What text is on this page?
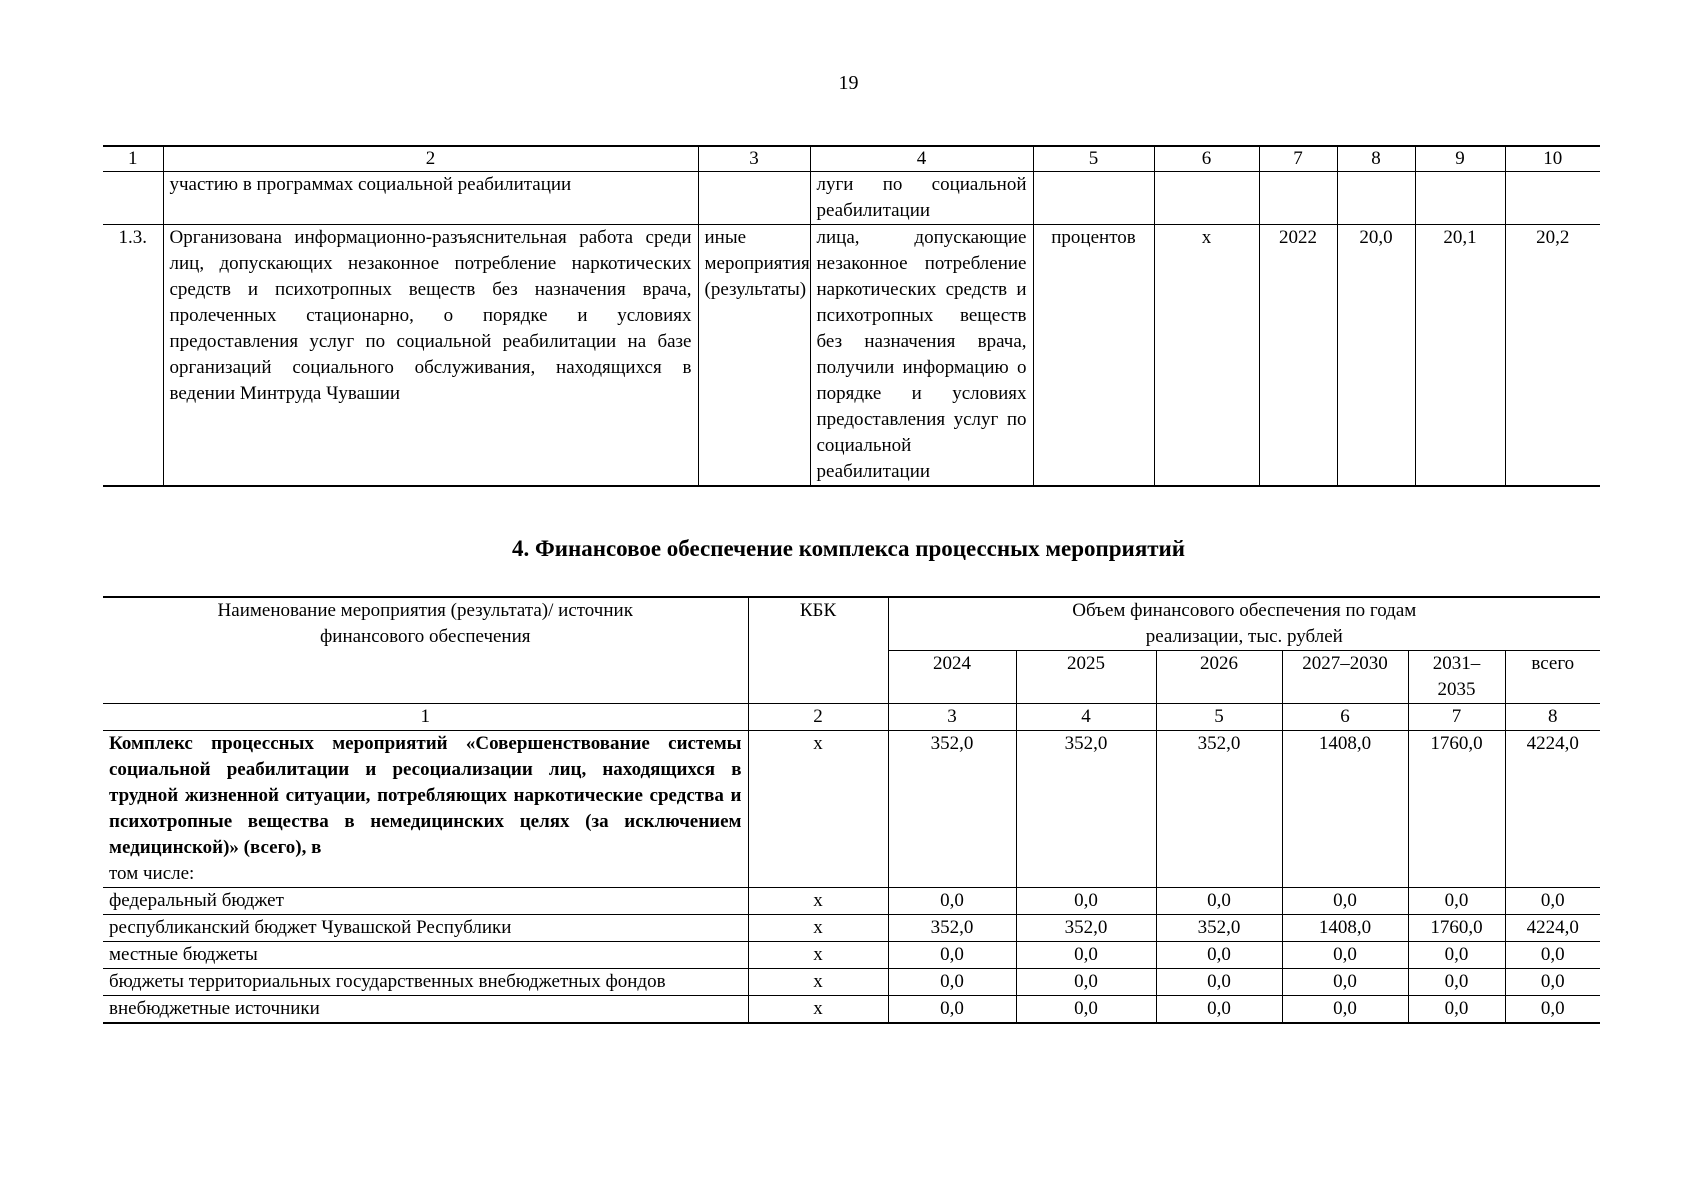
19
1	2	3	4	5	6	7	8	9	10
	участию в программах социальной реабилитации		луги по социальной реабилитации						
1.3.	Организована информационно-разъяснительная работа среди лиц, допускающих незаконное потребление наркотических средств и психотропных веществ без назначения врача, пролеченных стационарно, о порядке и условиях предоставления услуг по социальной реабилитации на базе организаций социального обслуживания, находящихся в ведении Минтруда Чувашии	иные мероприятия (результаты)	лица, допускающие незаконное потребление наркотических средств и психотропных веществ без назначения врача, получили информацию о порядке и условиях предоставления услуг по социальной реабилитации	процентов	х	2022	20,0	20,1	20,2
4. Финансовое обеспечение комплекса процессных мероприятий
Наименование мероприятия (результата)/ источник финансового обеспечения	КБК	Объем финансового обеспечения по годам реализации, тыс. рублей					
		2024	2025	2026	2027–2030	2031–2035	всего
1	2	3	4	5	6	7	8

Комплекс процессных мероприятий «Совершенствование системы социальной реабилитации и ресоциализации лиц, находящихся в трудной жизненной ситуации, потребляющих наркотические средства и психотропные вещества в немедицинских целях (за исключением медицинской)» (всего), в
том числе:	х	352,0	352,0	352,0	1408,0	1760,0	4224,0
федеральный бюджет	х	0,0	0,0	0,0	0,0	0,0	0,0
республиканский бюджет Чувашской Республики	х	352,0	352,0	352,0	1408,0	1760,0	4224,0
местные бюджеты	х	0,0	0,0	0,0	0,0	0,0	0,0
бюджеты территориальных государственных внебюджетных фондов	х	0,0	0,0	0,0	0,0	0,0	0,0
внебюджетные источники	х	0,0	0,0	0,0	0,0	0,0	0,0
